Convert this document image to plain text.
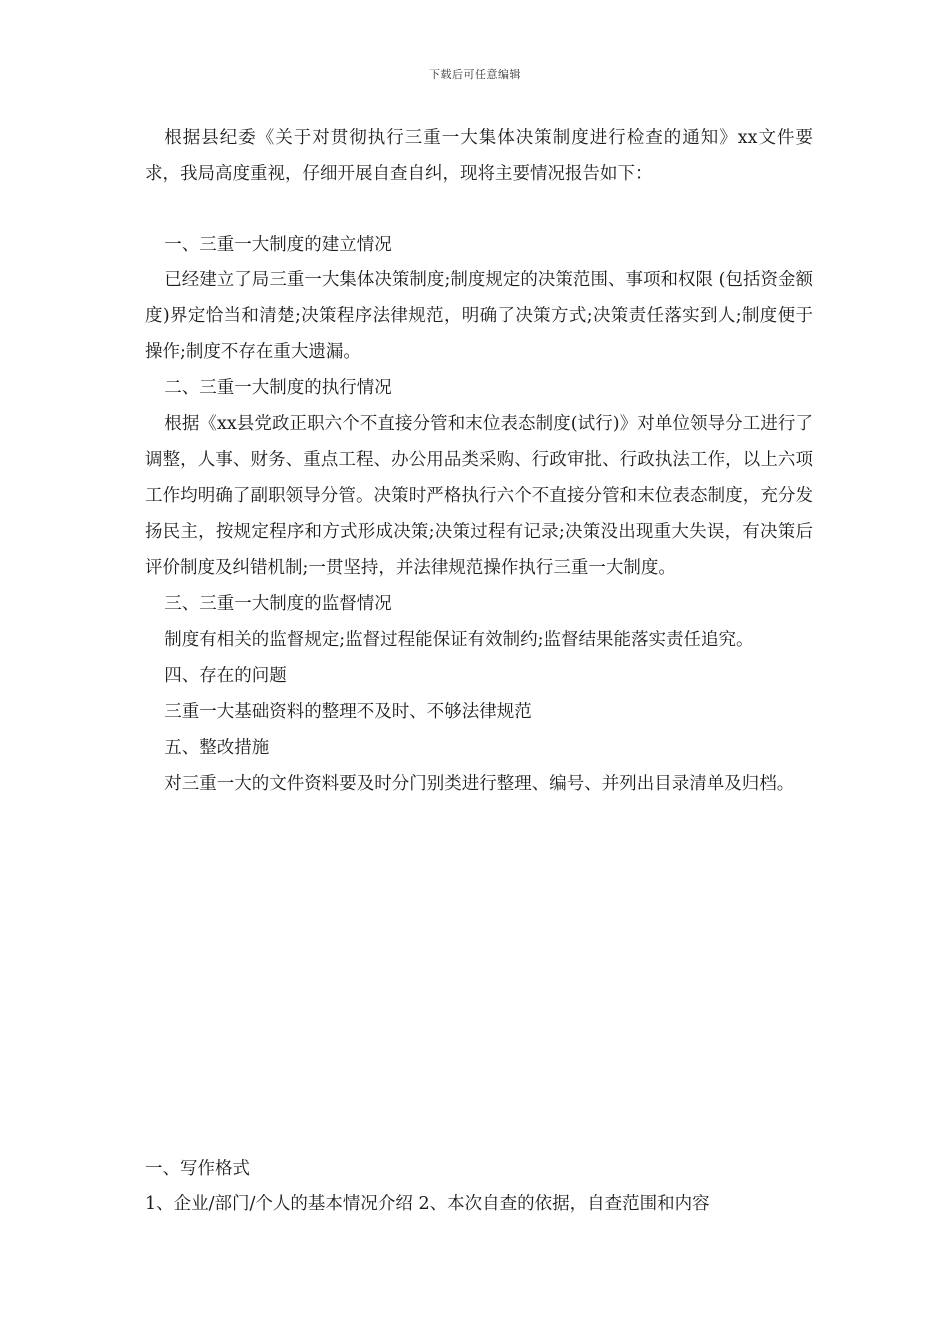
下载后可任意编辑

根据县纪委《关于对贯彻执行三重一大集体决策制度进行检查的通知》xx文件要求，我局高度重视，仔细开展自查自纠，现将主要情况报告如下：

一、三重一大制度的建立情况

已经建立了局三重一大集体决策制度;制度规定的决策范围、事项和权限 (包括资金额度)界定恰当和清楚;决策程序法律规范，明确了决策方式;决策责任落实到人;制度便于操作;制度不存在重大遗漏。

二、三重一大制度的执行情况

根据《xx县党政正职六个不直接分管和末位表态制度(试行)》对单位领导分工进行了调整，人事、财务、重点工程、办公用品类采购、行政审批、行政执法工作，以上六项工作均明确了副职领导分管。决策时严格执行六个不直接分管和末位表态制度，充分发扬民主，按规定程序和方式形成决策;决策过程有记录;决策没出现重大失误，有决策后评价制度及纠错机制;一贯坚持，并法律规范操作执行三重一大制度。

三、三重一大制度的监督情况

制度有相关的监督规定;监督过程能保证有效制约;监督结果能落实责任追究。

四、存在的问题

三重一大基础资料的整理不及时、不够法律规范

五、整改措施

对三重一大的文件资料要及时分门别类进行整理、编号、并列出目录清单及归档。

一、写作格式

1、企业/部门/个人的基本情况介绍 2、本次自查的依据，自查范围和内容
